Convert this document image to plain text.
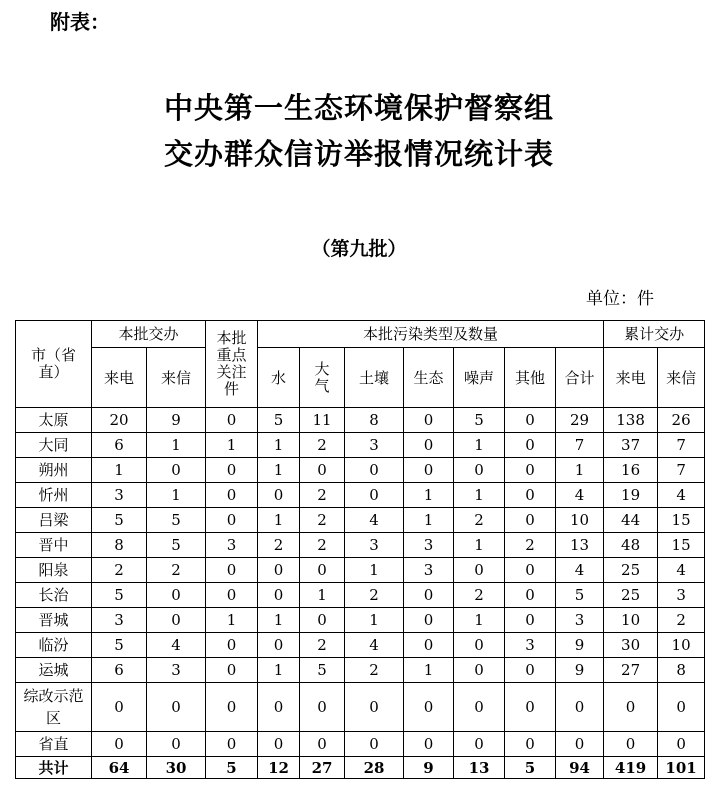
附表：
中央第一生态环境保护督察组
交办群众信访举报情况统计表
（第九批）
单位：件
市（省直）	本批交办		本批重点关注件	本批污染类型及数量							累计交办	
	来电	来信		水	大气	土壤	生态	噪声	其他	合计	来电	来信
太原	20	9	0	5	11	8	0	5	0	29	138	26
大同	6	1	1	1	2	3	0	1	0	7	37	7
朔州	1	0	0	1	0	0	0	0	0	1	16	7
忻州	3	1	0	0	2	0	1	1	0	4	19	4
吕梁	5	5	0	1	2	4	1	2	0	10	44	15
晋中	8	5	3	2	2	3	3	1	2	13	48	15
阳泉	2	2	0	0	0	1	3	0	0	4	25	4
长治	5	0	0	0	1	2	0	2	0	5	25	3
晋城	3	0	1	1	0	1	0	1	0	3	10	2
临汾	5	4	0	0	2	4	0	0	3	9	30	10
运城	6	3	0	1	5	2	1	0	0	9	27	8
综改示范区	0	0	0	0	0	0	0	0	0	0	0	0
省直	0	0	0	0	0	0	0	0	0	0	0	0
共计	64	30	5	12	27	28	9	13	5	94	419	101
